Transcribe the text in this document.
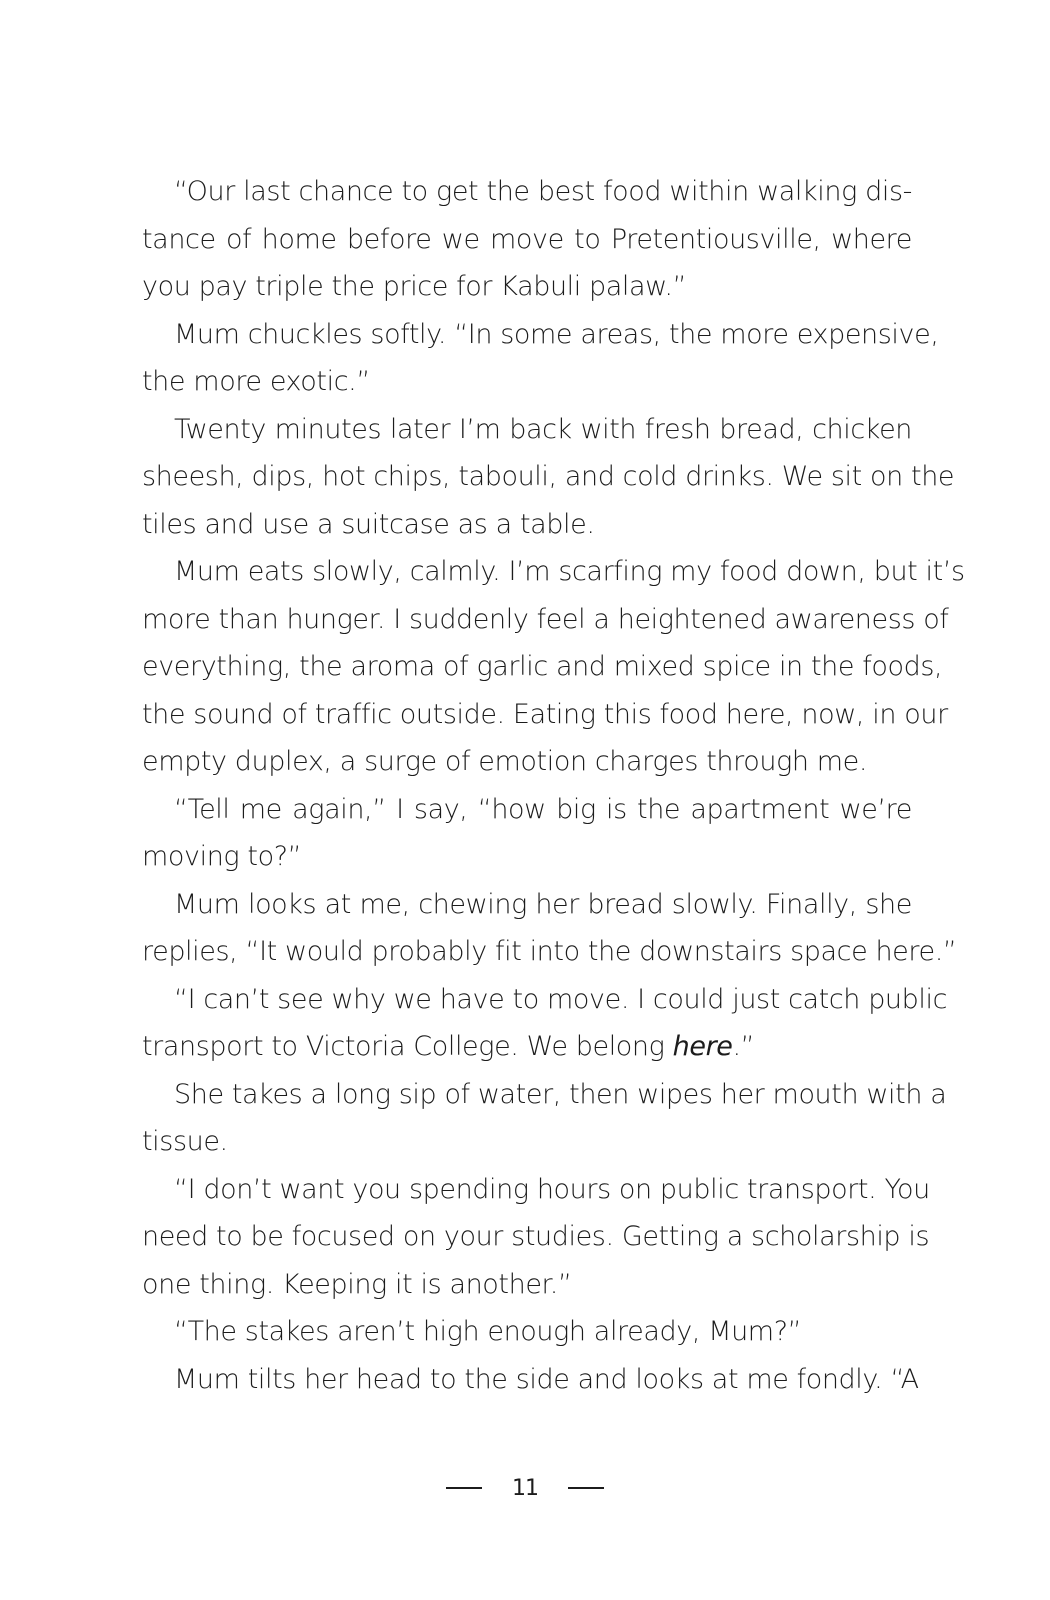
“Our last chance to get the best food within walking dis-
tance of home before we move to Pretentiousville, where
you pay triple the price for Kabuli palaw.”
Mum chuckles softly. “In some areas, the more expensive,
the more exotic.”
Twenty minutes later I’m back with fresh bread, chicken
sheesh, dips, hot chips, tabouli, and cold drinks. We sit on the
tiles and use a suitcase as a table.
Mum eats slowly, calmly. I’m scarfing my food down, but it’s
more than hunger. I suddenly feel a heightened awareness of
everything, the aroma of garlic and mixed spice in the foods,
the sound of traffic outside. Eating this food here, now, in our
empty duplex, a surge of emotion charges through me.
“Tell me again,” I say, “how big is the apartment we’re
moving to?”
Mum looks at me, chewing her bread slowly. Finally, she
replies, “It would probably fit into the downstairs space here.”
“I can’t see why we have to move. I could just catch public
transport to Victoria College. We belong here.”
She takes a long sip of water, then wipes her mouth with a
tissue.
“I don’t want you spending hours on public transport. You
need to be focused on your studies. Getting a scholarship is
one thing. Keeping it is another.”
“The stakes aren’t high enough already, Mum?”
Mum tilts her head to the side and looks at me fondly. “A
11
